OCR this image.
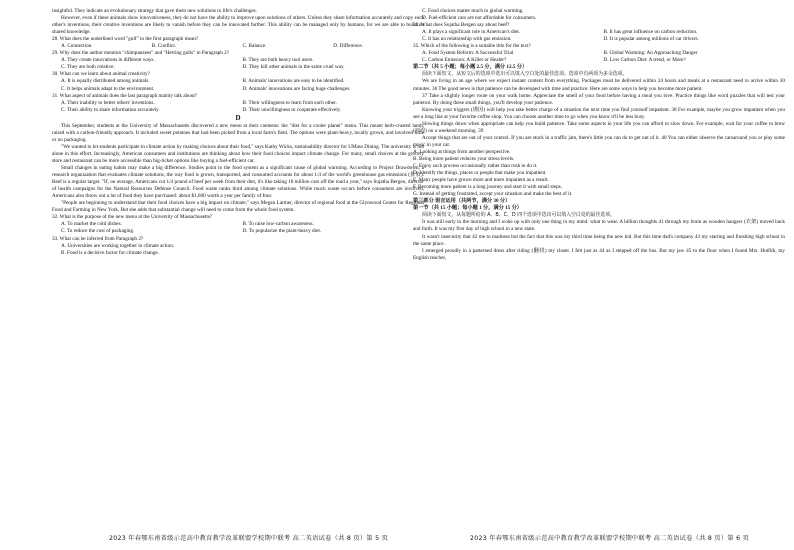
insightful. They indicate an evolutionary strategy that gave them new solutions to life's challenges.

However, even if these animals show innovativeness, they do not have the ability to improve upon solutions of others. Unless they share information accurately and copy each other's inventions, their creative inventions are likely to vanish before they can be innovated further. This ability can be managed only by humans, for we are able to build on shared knowledge.

28. What does the underlined word "gulf" in the first paragraph mean?

A. Connection.	B. Conflict.	C. Balance.	D. Difference.

29. Why does the author mention "chimpanzees" and "Herring gulls" in Paragraph 2?

A. They create innovations in different ways.	B. They are both heavy tool users.
C. They are both creative.	D. They kill other animals in the same cruel way.

30. What can we learn about animal creativity?

A. It is equally distributed among animals.	B. Animals' innovations are easy to be identified.
C. It helps animals adapt to the environment.	D. Animals' innovations are facing huge challenges.

31. What aspect of animals does the last paragraph mainly talk about?

A. Their inability to better others' inventions.	B. Their willingness to learn from each other.
C. Their ability to share information accurately.	D. Their unwillingness to cooperate effectively.
D

This September, students at the University of Massachusetts discovered a new menu at their canteens: the "diet for a cooler planet" menu. This meant herb-crusted lamb, raised with a carbon-friendly approach. It included sweet potatoes that had been picked from a local farm's field. The options were plant-heavy, locally grown, and involved little or no packaging.

"We wanted to let students participate in climate action by making choices about their food," says Kathy Wicks, sustainability director for UMass Dining. The university is not alone in this effort. Increasingly, American consumers and institutions are thinking about how their food choices impact climate change. For many, small choices at the grocery store and restaurant can be more accessible than big-ticket options like buying a fuel-efficient car.

Small changes in eating habits may make a big difference. Studies point to the food system as a significant cause of global warming. According to Project Drawdown, a research organization that evaluates climate solutions, the way food is grown, transported, and consumed accounts for about 1/4 of the world's greenhouse gas emissions (排放). Beef is a regular target. "If, on average, Americans cut 1/4 pound of beef per week from their diet, it's like taking 10 million cars off the road a year," says Sujatha Bergen, director of health campaigns for the Natural Resources Defense Council. Food waste ranks third among climate solutions. While much waste occurs before consumers are involved, Americans also throw out a lot of food they have purchased: about $1,600 worth a year per family of four.

"People are beginning to understand that their food choices have a big impact on climate," says Megan Larmer, director of regional food at the Glynwood Center for Regional Food and Farming in New York. But she adds that substantial change will need to come from the whole food system.

32. What is the purpose of the new menu at the University of Massachusetts?

A. To market the cold dishes.	B. To raise low-carbon awareness.
C. To reduce the cost of packaging.	D. To popularize the plant-heavy diet.

33. What can be inferred from Paragraph 2?

A. Universities are working together in climate action.
B. Food is a decisive factor for climate change.
C. Food choices matter much to global warming.
D. Fuel-efficient cars are not affordable for consumers.

34. What does Sujatha Bergen say about beef?

A. It plays a significant role in American's diet.	B. It has great influence on carbon reduction.
C. It has no relationship with gas emission.	D. It is popular among millions of car drivers.

35. Which of the following is a suitable title for the text?

A. Food System Reform: A Successful Trial	B. Global Warming: An Approaching Danger
C. Carbon Emission: A Killer or Healer?	D. Low Carbon Diet: A trend, or More?

第二节（共 5 小题；每小题 2.5 分，满分 12.5 分）

阅读下面短文，从短文后的选项中选出可以填入空白处的最佳选项。选项中有两项为多余选项。

We are living in an age where we expect instant content from everything. Packages must be delivered within 24 hours and meals at a restaurant need to arrive within 30 minutes. 36 The good news is that patience can be developed with time and practice. Here are some ways to help you become more patient.

37 Take a slightly longer route on your walk home. Appreciate the smell of your food before having a meal you love. Practice things like word puzzles that will test your patience. By doing these small things, you'll develop your patience.

Knowing your triggers (诱因) will help you take better charge of a situation the next time you find yourself impatient. 38 For example, maybe you grow impatient when you see a long line at your favorite coffee shop. You can choose another time to go when you know it'll be less busy.

Slowing things down when appropriate can help you build patience. Take some aspects in your life you can afford to slow down. For example, wait for your coffee to brew (冲泡) on a weekend morning. 39

Accept things that are out of your control. If you are stuck in a traffic jam, there's little you can do to get out of it. 40 You can either observe the carsaround you or play some music in your car.

A. Looking at things from another perspective.

B. Being more patient reduces your stress levels.

C. Enjoy such process occasionally rather than rush to do it.

D. Identify the things, places or people that make you impatient.

E. Many people have grown more and more impatient as a result.

F. Becoming more patient is a long journey and start it with small steps.

G. Instead of getting frustrated, accept your situation and make the best of it.

第三部分 语言运用（共两节，满分 30 分）

第一节（共 15 小题；每小题 1 分，满分 15 分）

阅读下面短文，从每题所给的 A、B、C、D 四个选项中选出可以填入空白处的最佳选项。

It was still early in the morning and I woke up with only one thing in my mind: what to wear. A billion thoughts 41 through my brain as wooden hangers (衣架) moved back and forth. It was my first day of high school in a new state.

It wasn't insecurity that 42 me to madness but the fact that this was my third time being the new kid. But this time dad's company 43 my starting and finishing high school in the same place.

I emerged proudly in a patterned dress after riding (翻找) my closet. I felt just as 44 as I stepped off the bus. But my jaw 45 to the floor when I found Mrs. Hutfilk, my English teacher,

2023 年春鄂东南省级示范高中教育教学改革联盟学校期中联考 高二英语试卷（共 8 页）第 5 页	2023 年春鄂东南省级示范高中教育教学改革联盟学校期中联考 高二英语试卷（共 8 页）第 6 页
